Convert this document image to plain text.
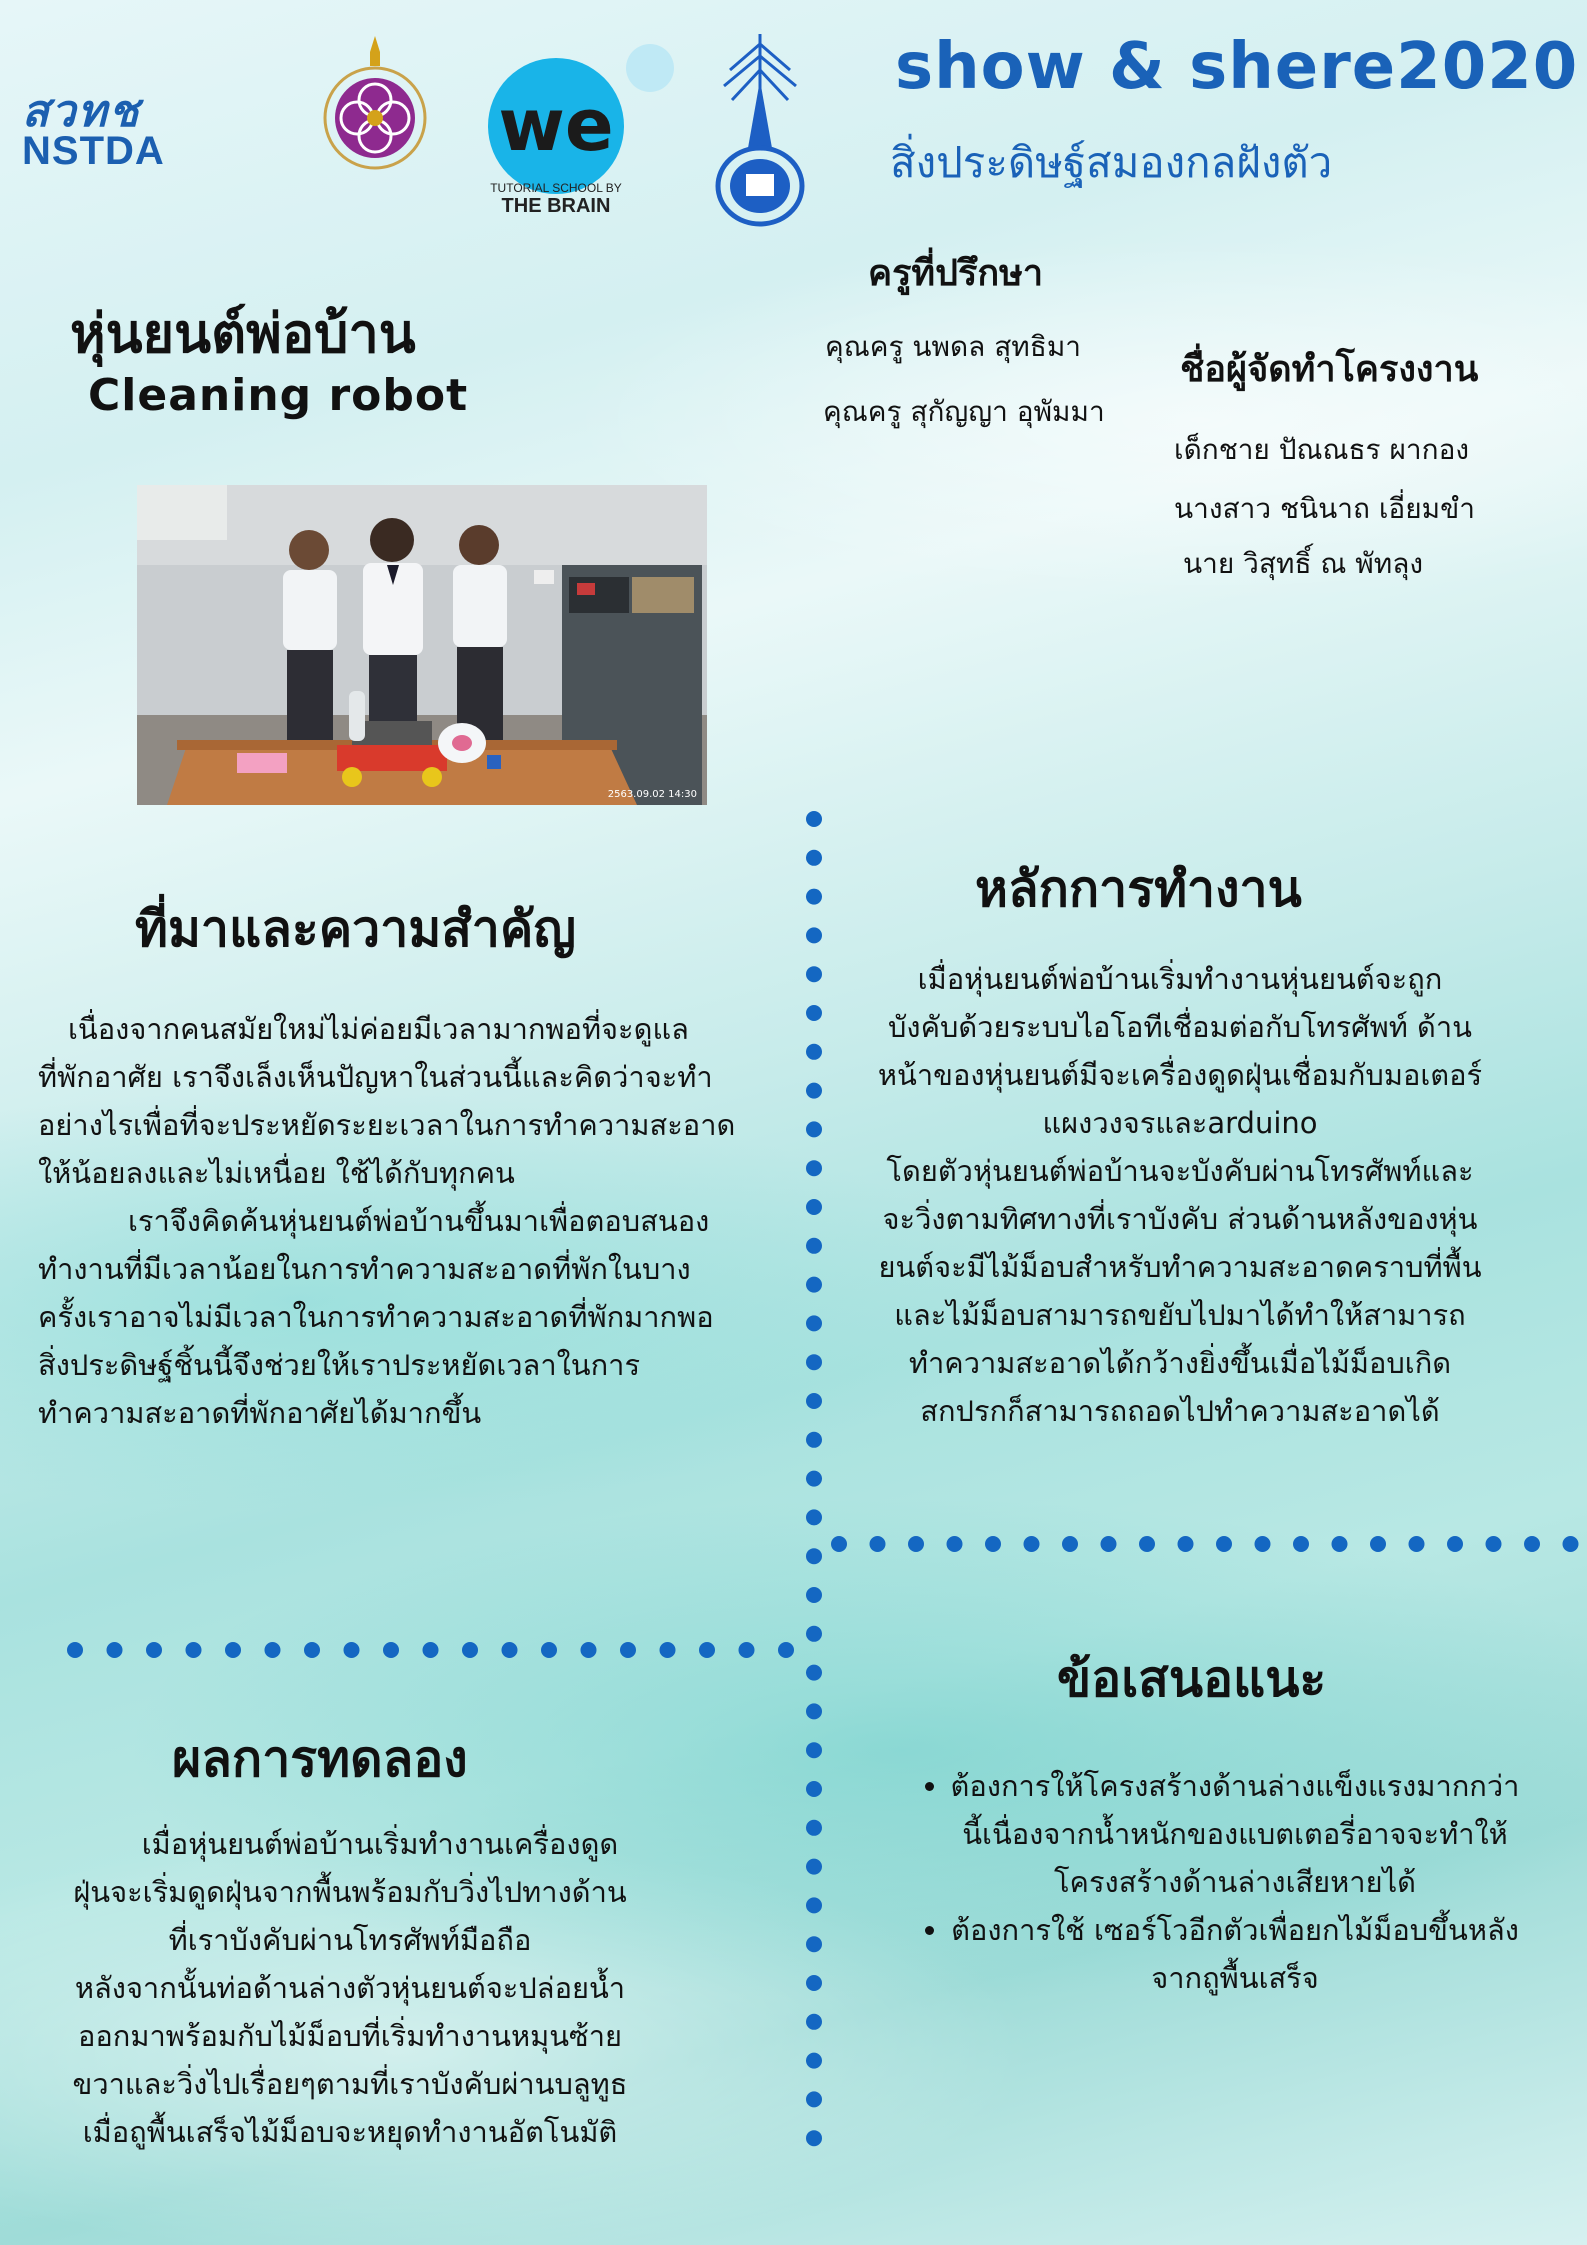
สวทช
NSTDA	we
TUTORIAL SCHOOL BY
THE BRAIN
show & shere2020
สิ่งประดิษฐ์สมองกลฝังตัว
ครูที่ปรึกษา
คุณครู นพดล สุทธิมา
คุณครู สุกัญญา อุพัมมา
ชื่อผู้จัดทำโครงงาน
เด็กชาย ปัณณธร ผากอง
นางสาว ชนินาถ เอี่ยมขำ
นาย วิสุทธิ์ ณ พัทลุง
หุ่นยนต์พ่อบ้าน
Cleaning robot
2563.09.02 14:30
ที่มาและความสำคัญ
เนื่องจากคนสมัยใหม่ไม่ค่อยมีเวลามากพอที่จะดูแลที่พักอาศัย เราจึงเล็งเห็นปัญหาในส่วนนี้และคิดว่าจะทำอย่างไรเพื่อที่จะประหยัดระยะเวลาในการทำความสะอาดให้น้อยลงและไม่เหนื่อย ใช้ได้กับทุกคน
เราจึงคิดค้นหุ่นยนต์พ่อบ้านขึ้นมาเพื่อตอบสนองทำงานที่มีเวลาน้อยในการทำความสะอาดที่พักในบางครั้งเราอาจไม่มีเวลาในการทำความสะอาดที่พักมากพอสิ่งประดิษฐ์ชิ้นนี้จึงช่วยให้เราประหยัดเวลาในการทำความสะอาดที่พักอาศัยได้มากขึ้น
หลักการทำงาน
เมื่อหุ่นยนต์พ่อบ้านเริ่มทำงานหุ่นยนต์จะถูก
บังคับด้วยระบบไอโอทีเชื่อมต่อกับโทรศัพท์ ด้าน
หน้าของหุ่นยนต์มีจะเครื่องดูดฝุ่นเชื่อมกับมอเตอร์
แผงวงจรและarduino
โดยตัวหุ่นยนต์พ่อบ้านจะบังคับผ่านโทรศัพท์และ
จะวิ่งตามทิศทางที่เราบังคับ ส่วนด้านหลังของหุ่น
ยนต์จะมีไม้ม็อบสำหรับทำความสะอาดคราบที่พื้น
และไม้ม็อบสามารถขยับไปมาได้ทำให้สามารถ
ทำความสะอาดได้กว้างยิ่งขึ้นเมื่อไม้ม็อบเกิด
สกปรกก็สามารถถอดไปทำความสะอาดได้
ผลการทดลอง
เมื่อหุ่นยนต์พ่อบ้านเริ่มทำงานเครื่องดูด
ฝุ่นจะเริ่มดูดฝุ่นจากพื้นพร้อมกับวิ่งไปทางด้าน
ที่เราบังคับผ่านโทรศัพท์มือถือ
หลังจากนั้นท่อด้านล่างตัวหุ่นยนต์จะปล่อยน้ำ
ออกมาพร้อมกับไม้ม็อบที่เริ่มทำงานหมุนซ้าย
ขวาและวิ่งไปเรื่อยๆตามที่เราบังคับผ่านบลูทูธ
เมื่อถูพื้นเสร็จไม้ม็อบจะหยุดทำงานอัตโนมัติ
ข้อเสนอแนะ
• ต้องการให้โครงสร้างด้านล่างแข็งแรงมากกว่านี้เนื่องจากน้ำหนักของแบตเตอรี่อาจจะทำให้โครงสร้างด้านล่างเสียหายได้
• ต้องการใช้ เซอร์โวอีกตัวเพื่อยกไม้ม็อบขึ้นหลังจากถูพื้นเสร็จ
